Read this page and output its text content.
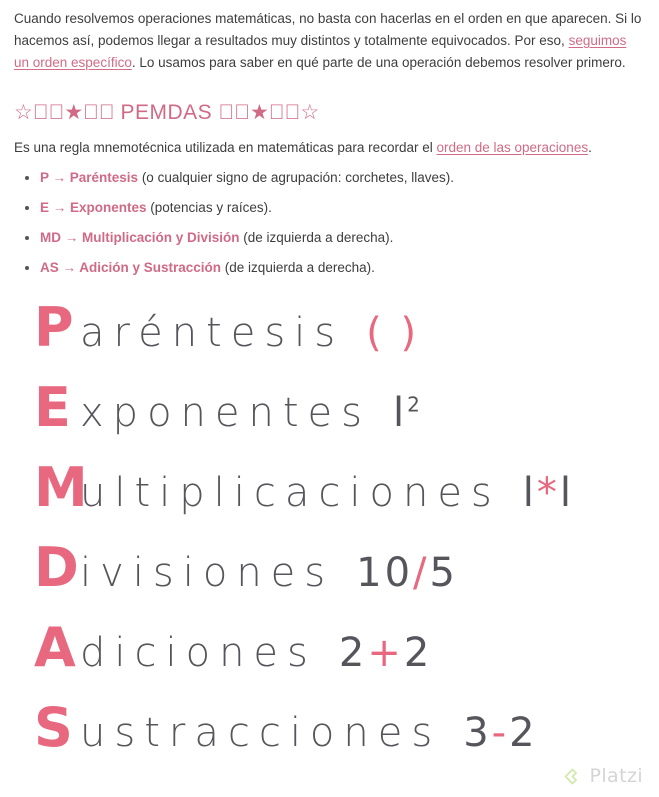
Cuando resolvemos operaciones matemáticas, no basta con hacerlas en el orden en que aparecen. Si lo hacemos así, podemos llegar a resultados muy distintos y totalmente equivocados. Por eso, seguimos un orden específico. Lo usamos para saber en qué parte de una operación debemos resolver primero.

☆ڰۣ★ڰۣ PEMDAS ڰۣ★ڰۣ☆

Es una regla mnemotécnica utilizada en matemáticas para recordar el orden de las operaciones.

• P → Paréntesis (o cualquier signo de agrupación: corchetes, llaves).
• E → Exponentes (potencias y raíces).
• MD → Multiplicación y División (de izquierda a derecha).
• AS → Adición y Sustracción (de izquierda a derecha).
P aréntesis ( )
E xponentes $l^2$
M
ultiplicaciones l*l
D ivisiones 10/5
A diciones 2+2
S ustracciones 3-2
Platzi
